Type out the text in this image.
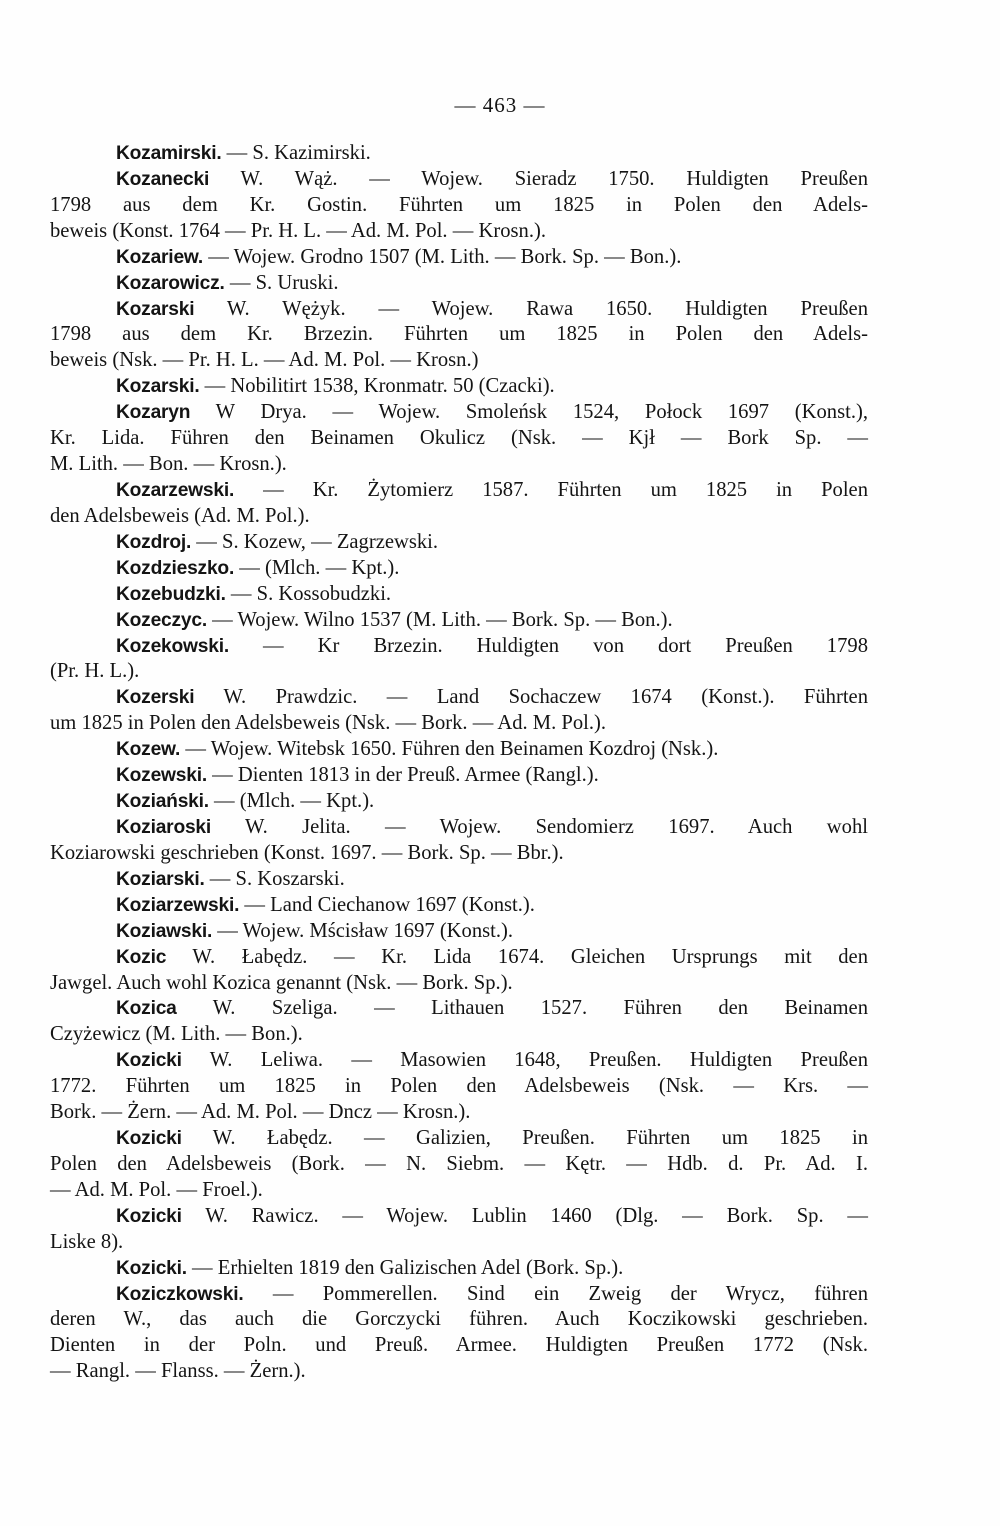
— 463 —
Kozamirski. — S. Kazimirski.
Kozanecki W. Wąż. — Wojew. Sieradz 1750. Huldigten Preußen
1798 aus dem Kr. Gostin. Führten um 1825 in Polen den Adels-
beweis (Konst. 1764 — Pr. H. L. — Ad. M. Pol. — Krosn.).
Kozariew. — Wojew. Grodno 1507 (M. Lith. — Bork. Sp. — Bon.).
Kozarowicz. — S. Uruski.
Kozarski W. Wężyk. — Wojew. Rawa 1650. Huldigten Preußen
1798 aus dem Kr. Brzezin. Führten um 1825 in Polen den Adels-
beweis (Nsk. — Pr. H. L. — Ad. M. Pol. — Krosn.)
Kozarski. — Nobilitirt 1538, Kronmatr. 50 (Czacki).
Kozaryn W Drya. — Wojew. Smoleńsk 1524, Połock 1697 (Konst.),
Kr. Lida. Führen den Beinamen Okulicz (Nsk. — Kjł — Bork Sp. —
M. Lith. — Bon. — Krosn.).
Kozarzewski. — Kr. Żytomierz 1587. Führten um 1825 in Polen
den Adelsbeweis (Ad. M. Pol.).
Kozdroj. — S. Kozew, — Zagrzewski.
Kozdzieszko. — (Mlch. — Kpt.).
Kozebudzki. — S. Kossobudzki.
Kozeczyc. — Wojew. Wilno 1537 (M. Lith. — Bork. Sp. — Bon.).
Kozekowski. — Kr Brzezin. Huldigten von dort Preußen 1798
(Pr. H. L.).
Kozerski W. Prawdzic. — Land Sochaczew 1674 (Konst.). Führten
um 1825 in Polen den Adelsbeweis (Nsk. — Bork. — Ad. M. Pol.).
Kozew. — Wojew. Witebsk 1650. Führen den Beinamen Kozdroj (Nsk.).
Kozewski. — Dienten 1813 in der Preuß. Armee (Rangl.).
Koziański. — (Mlch. — Kpt.).
Koziaroski W. Jelita. — Wojew. Sendomierz 1697. Auch wohl
Koziarowski geschrieben (Konst. 1697. — Bork. Sp. — Bbr.).
Koziarski. — S. Koszarski.
Koziarzewski. — Land Ciechanow 1697 (Konst.).
Koziawski. — Wojew. Mścisław 1697 (Konst.).
Kozic W. Łabędz. — Kr. Lida 1674. Gleichen Ursprungs mit den
Jawgel. Auch wohl Kozica genannt (Nsk. — Bork. Sp.).
Kozica W. Szeliga. — Lithauen 1527. Führen den Beinamen
Czyżewicz (M. Lith. — Bon.).
Kozicki W. Leliwa. — Masowien 1648, Preußen. Huldigten Preußen
1772. Führten um 1825 in Polen den Adelsbeweis (Nsk. — Krs. —
Bork. — Żern. — Ad. M. Pol. — Dncz — Krosn.).
Kozicki W. Łabędz. — Galizien, Preußen. Führten um 1825 in
Polen den Adelsbeweis (Bork. — N. Siebm. — Kętr. — Hdb. d. Pr. Ad. I.
— Ad. M. Pol. — Froel.).
Kozicki W. Rawicz. — Wojew. Lublin 1460 (Dlg. — Bork. Sp. —
Liske 8).
Kozicki. — Erhielten 1819 den Galizischen Adel (Bork. Sp.).
Koziczkowski. — Pommerellen. Sind ein Zweig der Wrycz, führen
deren W., das auch die Gorczycki führen. Auch Koczikowski geschrieben.
Dienten in der Poln. und Preuß. Armee. Huldigten Preußen 1772 (Nsk.
— Rangl. — Flanss. — Żern.).
